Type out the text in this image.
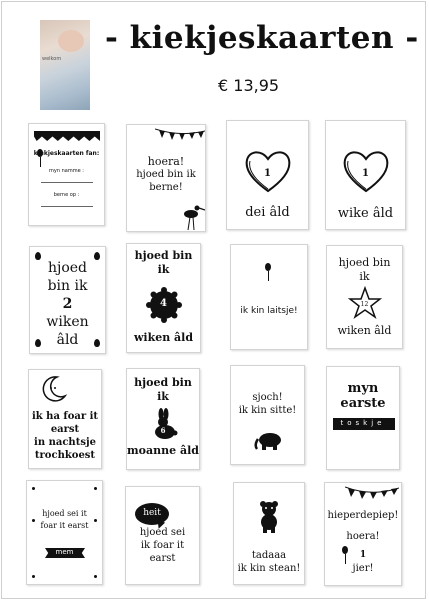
welkom
- kiekjeskaarten -
€ 13,95
kiekjeskaarten fan:
myn namme :
berne op :
hoera!
hjoed bin ik
berne!
1
dei âld
1
wike âld
hjoed
bin ik
2
wiken
âld
hjoed bin
ik
4
wiken âld
ik kin laitsje!
hjoed bin
ik
12
wiken âld
ik ha foar it
earst
in nachtsje
trochkoest
hjoed bin
ik
6
moanne âld
sjoch!
ik kin sitte!
myn
earste
toskje
hjoed sei it
foar it earst
mem
heit
hjoed sei
ik foar it
earst	tadaaa
ik kin stean!
hieperdepiep!
hoera!
1
jier!
